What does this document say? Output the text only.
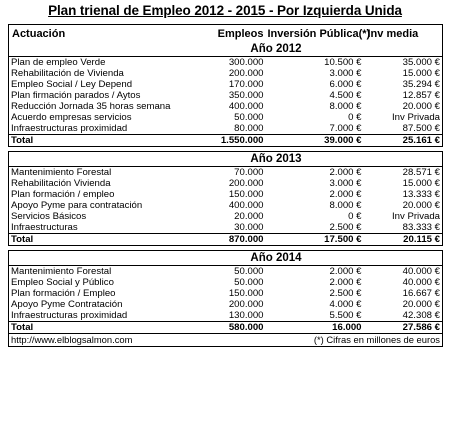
Plan trienal de Empleo 2012 - 2015 - Por Izquierda Unida
Actuación	Empleos	Inversión Pública(*)	Inv media
	Año 2012		
Plan de empleo Verde	300.000	10.500 €	35.000 €
Rehabilitación de Vivienda	200.000	3.000 €	15.000 €
Empleo Social / Ley Depend	170.000	6.000 €	35.294 €
Plan firmación parados / Aytos	350.000	4.500 €	12.857 €
Reducción Jornada 35 horas semana	400.000	8.000 €	20.000 €
Acuerdo empresas servicios	50.000	0 €	Inv Privada
Infraestructuras proximidad	80.000	7.000 €	87.500 €
Total	1.550.000	39.000 €	25.161 €

	Año 2013		
Mantenimiento Forestal	70.000	2.000 €	28.571 €
Rehabilitación Vivienda	200.000	3.000 €	15.000 €
Plan formación / empleo	150.000	2.000 €	13.333 €
Apoyo Pyme para contratación	400.000	8.000 €	20.000 €
Servicios Básicos	20.000	0 €	Inv Privada
Infraestructuras	30.000	2.500 €	83.333 €
Total	870.000	17.500 €	20.115 €

	Año 2014		
Mantenimiento Forestal	50.000	2.000 €	40.000 €
Empleo Social y Público	50.000	2.000 €	40.000 €
Plan formación / Empleo	150.000	2.500 €	16.667 €
Apoyo Pyme Contratación	200.000	4.000 €	20.000 €
Infraestructuras proximidad	130.000	5.500 €	42.308 €
Total	580.000	16.000	27.586 €
http://www.elblogsalmon.com		(*) Cifras en millones de euros	
